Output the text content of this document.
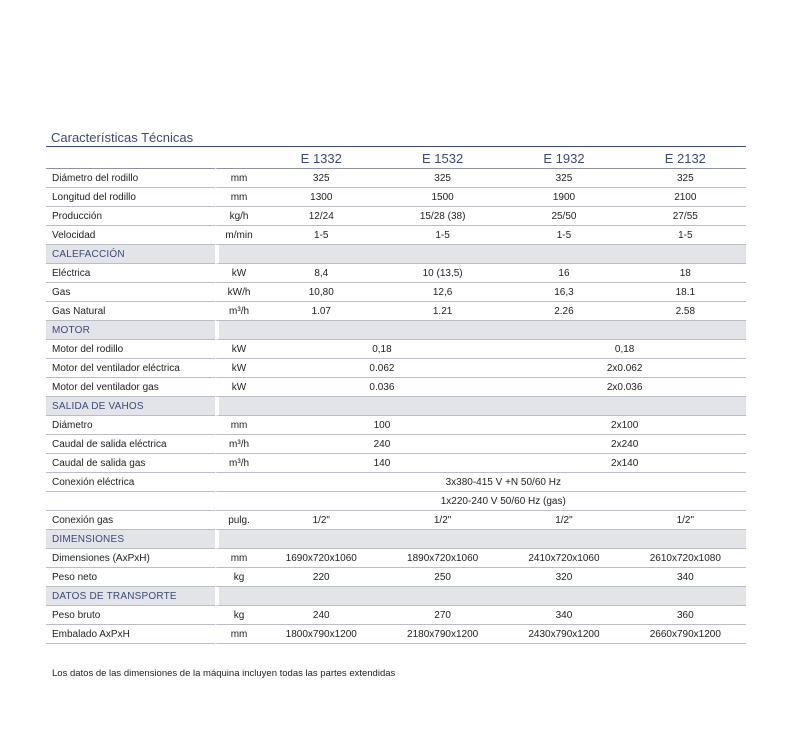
Características Técnicas
		E 1332	E 1532	E 1932	E 2132
Diámetro del rodillo	mm	325	325	325	325
Longitud del rodillo	mm	1300	1500	1900	2100
Producción	kg/h	12/24	15/28 (38)	25/50	27/55
Velocidad	m/min	1-5	1-5	1-5	1-5
CALEFACCIÓN					
Eléctrica	kW	8,4	10 (13,5)	16	18
Gas	kW/h	10,80	12,6	16,3	18.1
Gas Natural	m³/h	1.07	1.21	2.26	2.58
MOTOR					
Motor del rodillo	kW	0,18		0,18	
Motor del ventilador eléctrica	kW	0.062		2x0.062	
Motor del ventilador gas	kW	0.036		2x0.036	
SALIDA DE VAHOS					
Diámetro	mm	100		2x100	
Caudal de salida eléctrica	m³/h	240		2x240	
Caudal de salida gas	m³/h	140		2x140	
Conexión eléctrica		3x380-415 V +N 50/60 Hz			
		1x220-240 V 50/60 Hz (gas)			
Conexión gas	pulg.	1/2"	1/2"	1/2"	1/2"
DIMENSIONES					
Dimensiones (AxPxH)	mm	1690x720x1060	1890x720x1060	2410x720x1060	2610x720x1080
Peso neto	kg	220	250	320	340
DATOS DE TRANSPORTE					
Peso bruto	kg	240	270	340	360
Embalado AxPxH	mm	1800x790x1200	2180x790x1200	2430x790x1200	2660x790x1200
Los datos de las dimensiones de la máquina incluyen todas las partes extendidas
